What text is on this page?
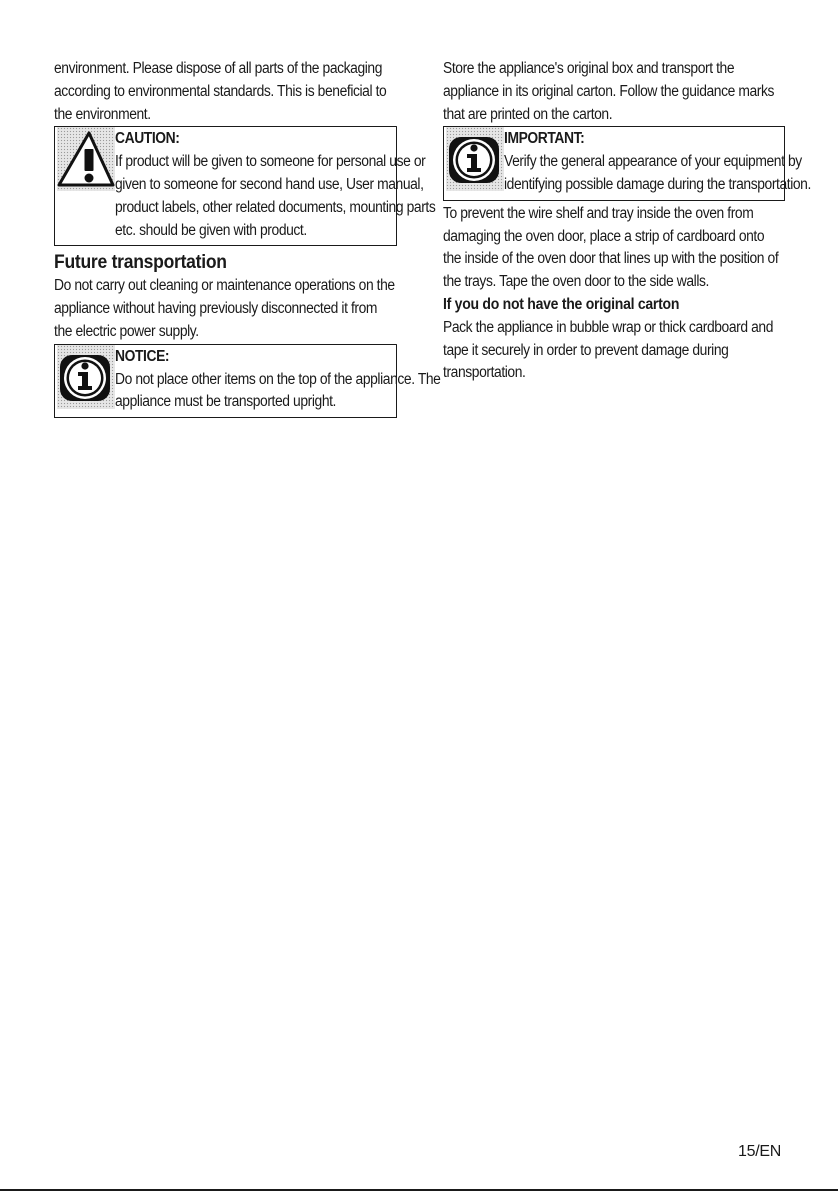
environment. Please dispose of all parts of the packaging according to environmental standards. This is beneficial to the environment.

CAUTION:
If product will be given to someone for personal use or given to someone for second hand use, User manual, product labels, other related documents, mounting parts etc. should be given with product.
Future transportation

Do not carry out cleaning or maintenance operations on the appliance without having previously disconnected it from the electric power supply.

NOTICE:
Do not place other items on the top of the appliance. The appliance must be transported upright.

Store the appliance's original box and transport the appliance in its original carton. Follow the guidance marks that are printed on the carton.

IMPORTANT:
Verify the general appearance of your equipment by identifying possible damage during the transportation.

To prevent the wire shelf and tray inside the oven from damaging the oven door, place a strip of cardboard onto the inside of the oven door that lines up with the position of the trays. Tape the oven door to the side walls.

If you do not have the original carton

Pack the appliance in bubble wrap or thick cardboard and tape it securely in order to prevent damage during transportation.

15/EN
